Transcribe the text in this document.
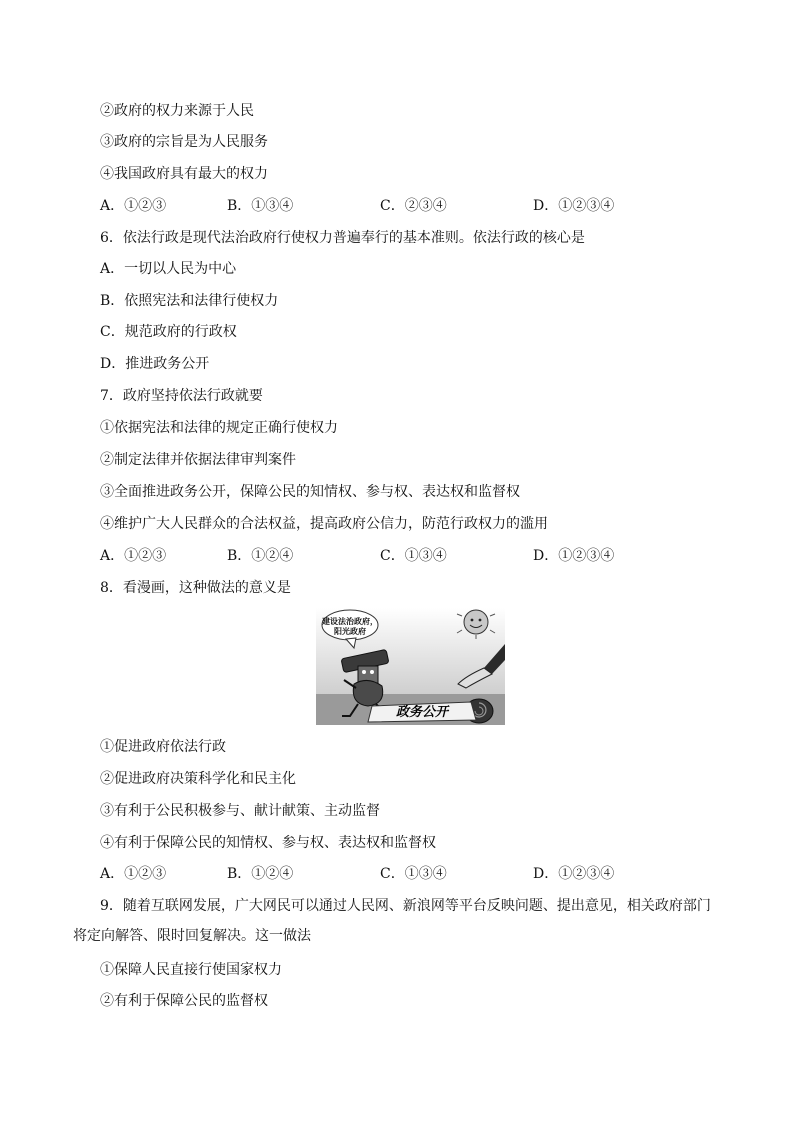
②政府的权力来源于人民
③政府的宗旨是为人民服务
④我国政府具有最大的权力
A．①②③	B．①③④	C．②③④	D．①②③④
6．依法行政是现代法治政府行使权力普遍奉行的基本准则。依法行政的核心是
A．一切以人民为中心
B．依照宪法和法律行使权力
C．规范政府的行政权
D．推进政务公开
7．政府坚持依法行政就要
①依据宪法和法律的规定正确行使权力
②制定法律并依据法律审判案件
③全面推进政务公开，保障公民的知情权、参与权、表达权和监督权
④维护广大人民群众的合法权益，提高政府公信力，防范行政权力的滥用
A．①②③	B．①②④	C．①③④	D．①②③④
8．看漫画，这种做法的意义是
建设法治政府，
阳光政府
政务公开
①促进政府依法行政
②促进政府决策科学化和民主化
③有利于公民积极参与、献计献策、主动监督
④有利于保障公民的知情权、参与权、表达权和监督权
A．①②③	B．①②④	C．①③④	D．①②③④
9．随着互联网发展，广大网民可以通过人民网、新浪网等平台反映问题、提出意见，相关政府部门将定向解答、限时回复解决。这一做法
①保障人民直接行使国家权力
②有利于保障公民的监督权
